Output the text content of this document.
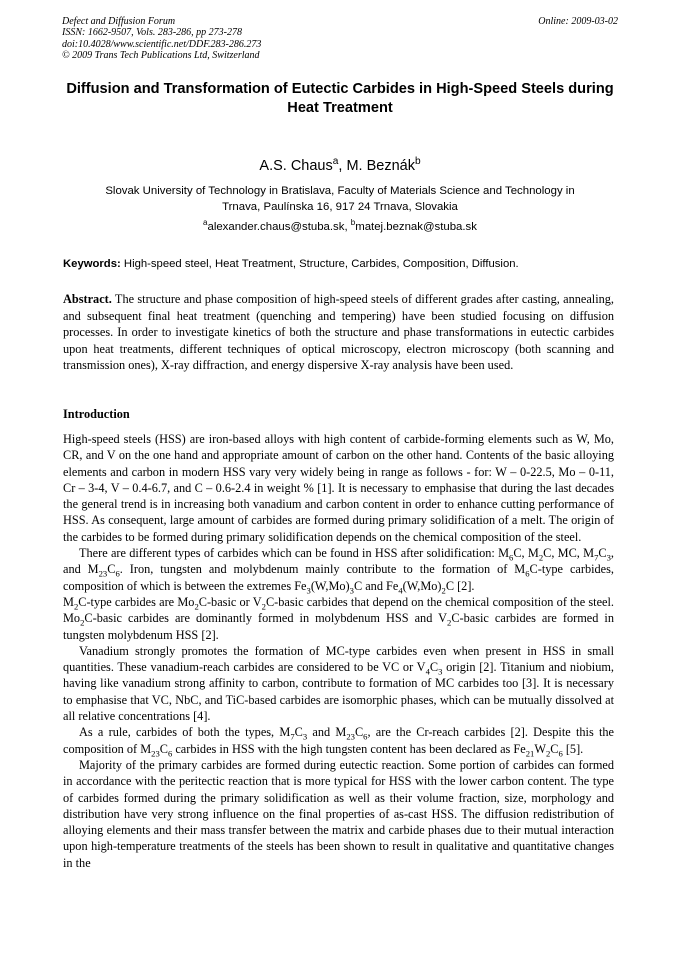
Defect and Diffusion Forum
ISSN: 1662-9507, Vols. 283-286, pp 273-278
doi:10.4028/www.scientific.net/DDF.283-286.273
© 2009 Trans Tech Publications Ltd, Switzerland
Online: 2009-03-02
Diffusion and Transformation of Eutectic Carbides in High-Speed Steels during Heat Treatment
A.S. Chaus$^a$, M. Beznák$^b$
Slovak University of Technology in Bratislava, Faculty of Materials Science and Technology in
Trnava, Paulínska 16, 917 24 Trnava, Slovakia
$^a$alexander.chaus@stuba.sk, $^b$matej.beznak@stuba.sk
Keywords: High-speed steel, Heat Treatment, Structure, Carbides, Composition, Diffusion.
Abstract. The structure and phase composition of high-speed steels of different grades after casting, annealing, and subsequent final heat treatment (quenching and tempering) have been studied focusing on diffusion processes. In order to investigate kinetics of both the structure and phase transformations in eutectic carbides upon heat treatments, different techniques of optical microscopy, electron microscopy (both scanning and transmission ones), X-ray diffraction, and energy dispersive X-ray analysis have been used.
Introduction

High-speed steels (HSS) are iron-based alloys with high content of carbide-forming elements such as W, Mo, CR, and V on the one hand and appropriate amount of carbon on the other hand. Contents of the basic alloying elements and carbon in modern HSS vary very widely being in range as follows - for: W – 0-22.5, Mo – 0-11, Cr – 3-4, V – 0.4-6.7, and C – 0.6-2.4 in weight % [1]. It is necessary to emphasise that during the last decades the general trend is in increasing both vanadium and carbon content in order to enhance cutting performance of HSS. As consequent, large amount of carbides are formed during primary solidification of a melt. The origin of the carbides to be formed during primary solidification depends on the chemical composition of the steel.

There are different types of carbides which can be found in HSS after solidification: $M_6C$, $M_2C$, MC, $M_7C_3$, and $M_{23}C_6$. Iron, tungsten and molybdenum mainly contribute to the formation of $M_6C$-type carbides, composition of which is between the extremes $Fe_3(W,Mo)_3C$ and $Fe_4(W,Mo)_2C$ [2].

$M_2C$-type carbides are $Mo_2C$-basic or $V_2C$-basic carbides that depend on the chemical composition of the steel. $Mo_2C$-basic carbides are dominantly formed in molybdenum HSS and $V_2C$-basic carbides are formed in tungsten molybdenum HSS [2].

Vanadium strongly promotes the formation of MC-type carbides even when present in HSS in small quantities. These vanadium-reach carbides are considered to be VC or $V_4C_3$ origin [2]. Titanium and niobium, having like vanadium strong affinity to carbon, contribute to formation of MC carbides too [3]. It is necessary to emphasise that VC, NbC, and TiC-based carbides are isomorphic phases, which can be mutually dissolved at all relative concentrations [4].

As a rule, carbides of both the types, $M_7C_3$ and $M_{23}C_6$, are the Cr-reach carbides [2]. Despite this the composition of $M_{23}C_6$ carbides in HSS with the high tungsten content has been declared as $Fe_{21}W_2C_6$ [5].

Majority of the primary carbides are formed during eutectic reaction. Some portion of carbides can formed in accordance with the peritectic reaction that is more typical for HSS with the lower carbon content. The type of carbides formed during the primary solidification as well as their volume fraction, size, morphology and distribution have very strong influence on the final properties of as-cast HSS. The diffusion redistribution of alloying elements and their mass transfer between the matrix and carbide phases due to their mutual interaction upon high-temperature treatments of the steels has been shown to result in qualitative and quantitative changes in the
